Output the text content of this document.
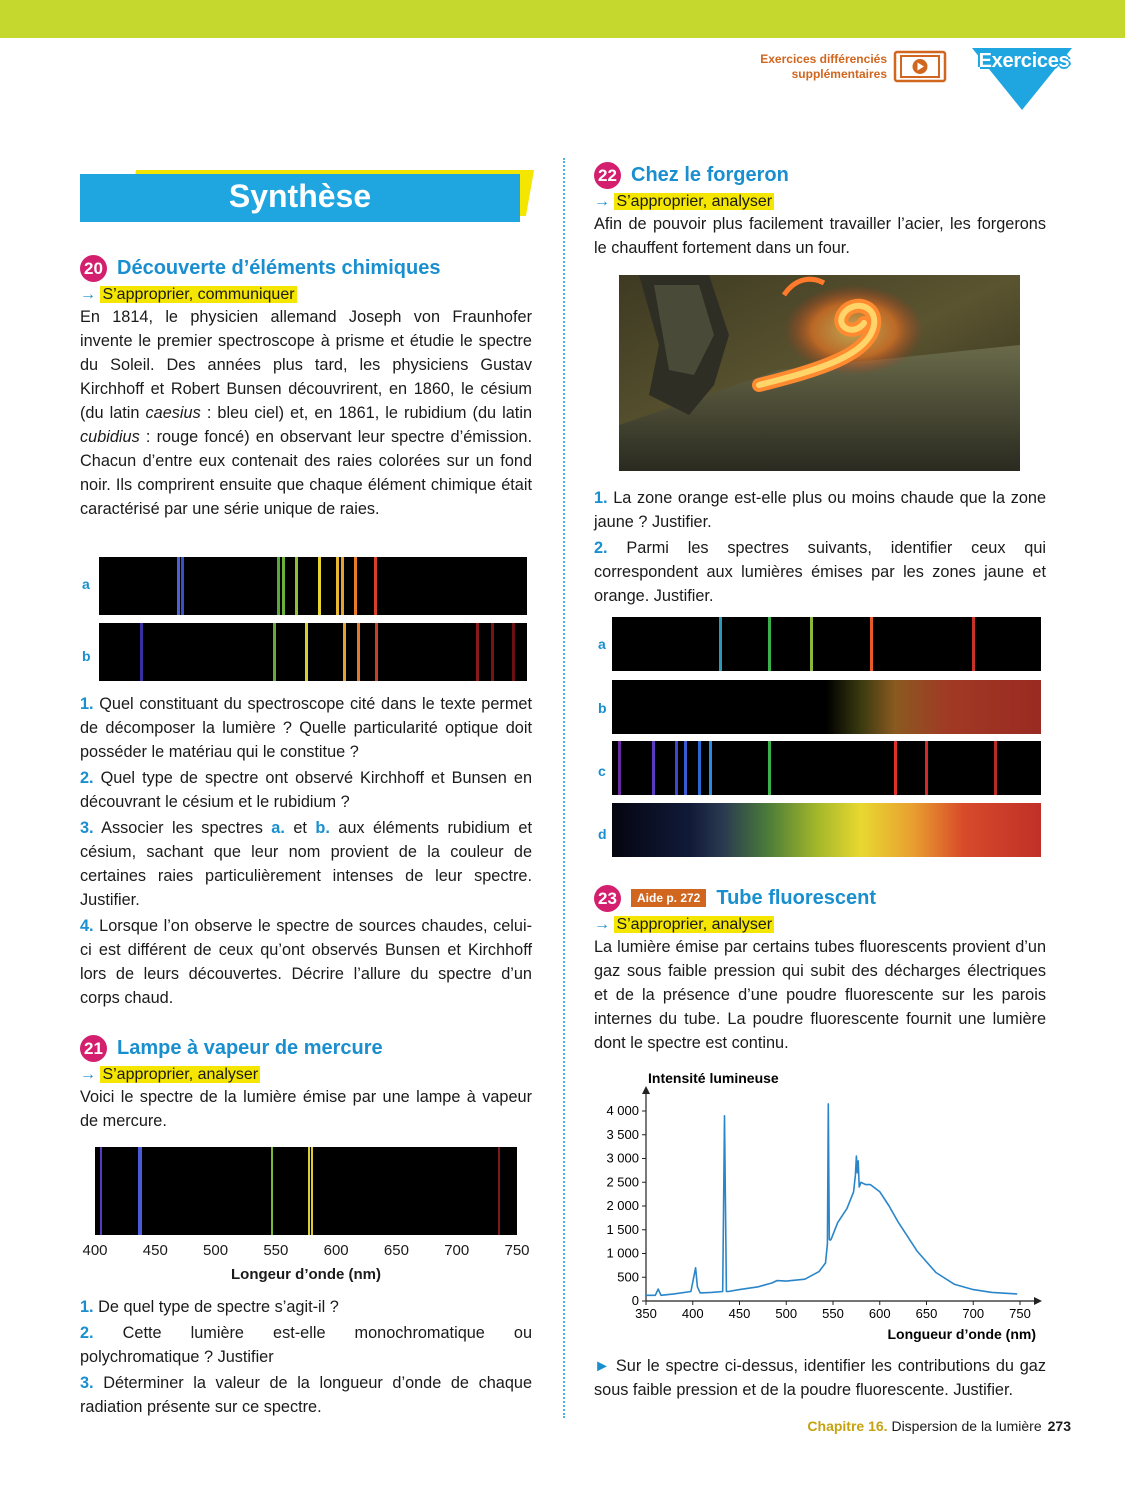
Exercices différenciés
supplémentaires
Exercices
Synthèse
20 Découverte d’éléments chimiques
→ S’approprier, communiquer

En 1814, le physicien allemand Joseph von Fraunhofer invente le premier spectroscope à prisme et étudie le spectre du Soleil. Des années plus tard, les physiciens Gustav Kirchhoff et Robert Bunsen découvrirent, en 1860, le césium (du latin caesius : bleu ciel) et, en 1861, le rubidium (du latin cubidius : rouge foncé) en observant leur spectre d’émission. Chacun d’entre eux contenait des raies colorées sur un fond noir. Ils comprirent ensuite que chaque élément chimique était caractérisé par une série unique de raies.

a
b

1. Quel constituant du spectroscope cité dans le texte permet de décomposer la lumière ? Quelle particularité optique doit posséder le matériau qui le constitue ?

2. Quel type de spectre ont observé Kirchhoff et Bunsen en découvrant le césium et le rubidium ?

3. Associer les spectres a. et b. aux éléments rubidium et césium, sachant que leur nom provient de la couleur de certaines raies particulièrement intenses de leur spectre. Justifier.

4. Lorsque l’on observe le spectre de sources chaudes, celui-ci est différent de ceux qu’ont observés Bunsen et Kirchhoff lors de leurs découvertes. Décrire l’allure du spectre d’un corps chaud.

21 Lampe à vapeur de mercure
→ S’approprier, analyser

Voici le spectre de la lumière émise par une lampe à vapeur de mercure.

400 450 500 550 600 650 700 750
Longeur d’onde (nm)

1. De quel type de spectre s’agit-il ?

2. Cette lumière est-elle monochromatique ou polychromatique ? Justifier

3. Déterminer la valeur de la longueur d’onde de chaque radiation présente sur ce spectre.

22 Chez le forgeron
→ S’approprier, analyser

Afin de pouvoir plus facilement travailler l’acier, les forgerons le chauffent fortement dans un four.

1. La zone orange est-elle plus ou moins chaude que la zone jaune ? Justifier.

2. Parmi les spectres suivants, identifier ceux qui correspondent aux lumières émises par les zones jaune et orange. Justifier.

a
b
c
d
23	Aide p. 272 Tube fluorescent
→ S’approprier, analyser

La lumière émise par certains tubes fluorescents provient d’un gaz sous faible pression qui subit des décharges électriques et de la présence d’une poudre fluorescente sur les parois internes du tube. La poudre fluorescente fournit une lumière dont le spectre est continu.

Intensité lumineuse
Longueur d’onde (nm)
350 400 450 500 550 600 650 700 750
0
500
1 000
1 500
2 000
2 500
3 000
3 500
4 000

► Sur le spectre ci-dessus, identifier les contributions du gaz sous faible pression et de la poudre fluorescente. Justifier.

Chapitre 16. Dispersion de la lumière 273
